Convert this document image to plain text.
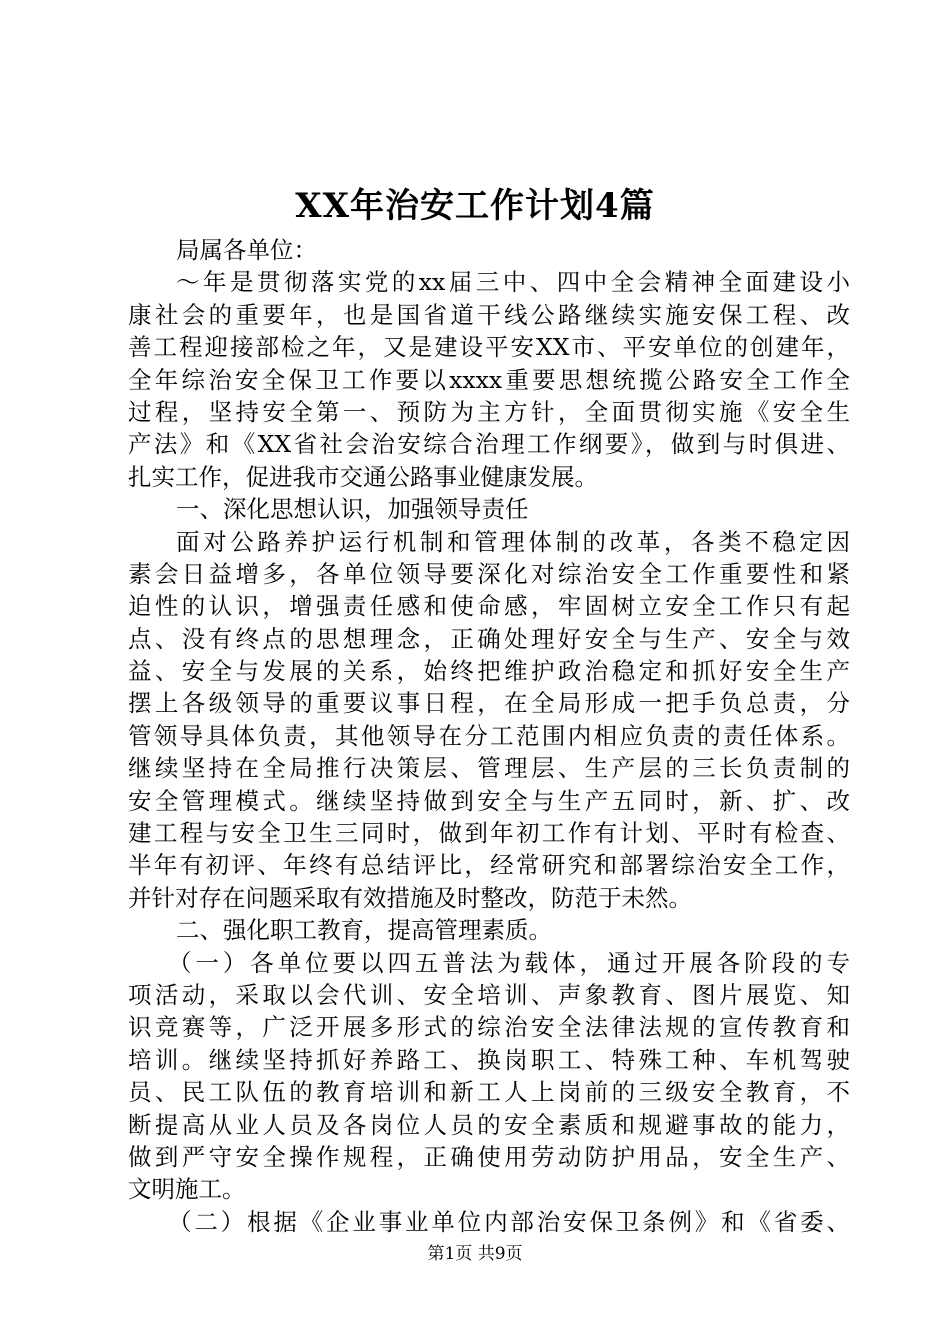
XX年治安工作计划4篇
局属各单位：
～年是贯彻落实党的xx届三中、四中全会精神全面建设小
康社会的重要年，也是国省道干线公路继续实施安保工程、改
善工程迎接部检之年，又是建设平安XX市、平安单位的创建年，
全年综治安全保卫工作要以xxxx重要思想统揽公路安全工作全
过程，坚持安全第一、预防为主方针，全面贯彻实施《安全生
产法》和《XX省社会治安综合治理工作纲要》，做到与时俱进、
扎实工作，促进我市交通公路事业健康发展。
一、深化思想认识，加强领导责任
面对公路养护运行机制和管理体制的改革，各类不稳定因
素会日益增多，各单位领导要深化对综治安全工作重要性和紧
迫性的认识，增强责任感和使命感，牢固树立安全工作只有起
点、没有终点的思想理念，正确处理好安全与生产、安全与效
益、安全与发展的关系，始终把维护政治稳定和抓好安全生产
摆上各级领导的重要议事日程，在全局形成一把手负总责，分
管领导具体负责，其他领导在分工范围内相应负责的责任体系。
继续坚持在全局推行决策层、管理层、生产层的三长负责制的
安全管理模式。继续坚持做到安全与生产五同时，新、扩、改
建工程与安全卫生三同时，做到年初工作有计划、平时有检查、
半年有初评、年终有总结评比，经常研究和部署综治安全工作，
并针对存在问题采取有效措施及时整改，防范于未然。
二、强化职工教育，提高管理素质。
（一）各单位要以四五普法为载体，通过开展各阶段的专
项活动，采取以会代训、安全培训、声象教育、图片展览、知
识竞赛等，广泛开展多形式的综治安全法律法规的宣传教育和
培训。继续坚持抓好养路工、换岗职工、特殊工种、车机驾驶
员、民工队伍的教育培训和新工人上岗前的三级安全教育，不
断提高从业人员及各岗位人员的安全素质和规避事故的能力，
做到严守安全操作规程，正确使用劳动防护用品，安全生产、
文明施工。
（二）根据《企业事业单位内部治安保卫条例》和《省委、
第1页 共9页
